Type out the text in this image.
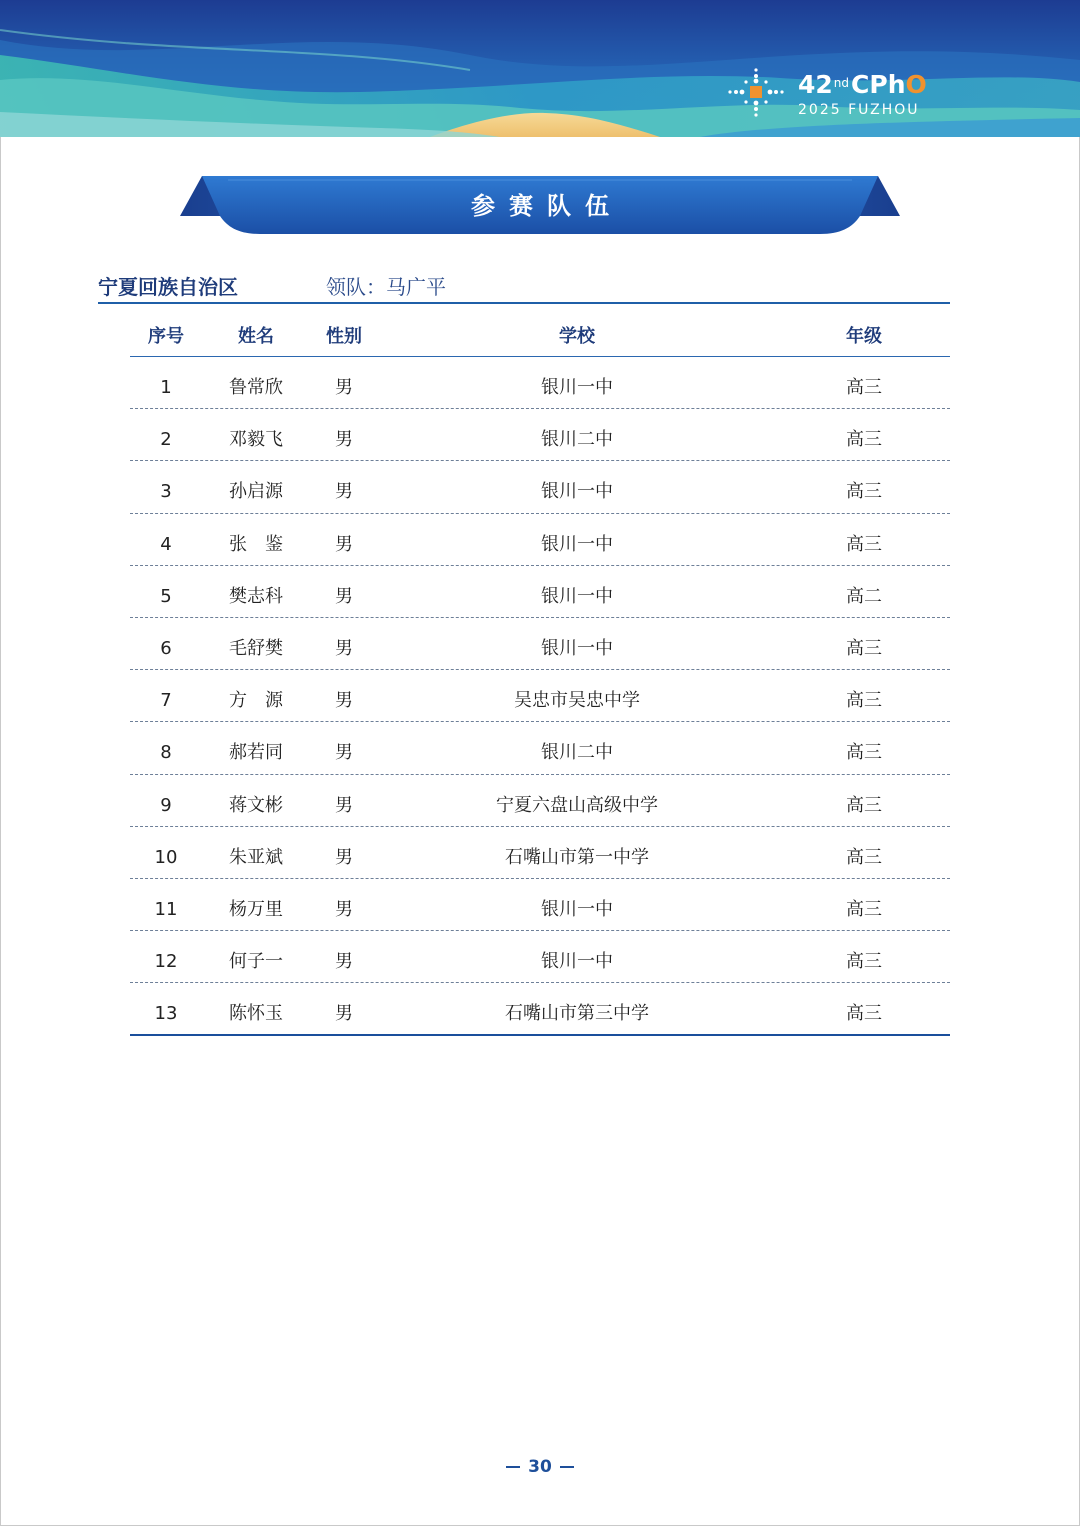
42ndCPhO
2025 FUZHOU
参赛队伍
宁夏回族自治区	领队：马广平
序号	姓名	性别	学校	年级
1	鲁常欣	男	银川一中	高三
2	邓毅飞	男	银川二中	高三
3	孙启源	男	银川一中	高三
4	张　鉴	男	银川一中	高三
5	樊志科	男	银川一中	高二
6	毛舒樊	男	银川一中	高三
7	方　源	男	吴忠市吴忠中学	高三
8	郝若同	男	银川二中	高三
9	蒋文彬	男	宁夏六盘山高级中学	高三
10	朱亚斌	男	石嘴山市第一中学	高三
11	杨万里	男	银川一中	高三
12	何子一	男	银川一中	高三
13	陈怀玉	男	石嘴山市第三中学	高三
30
